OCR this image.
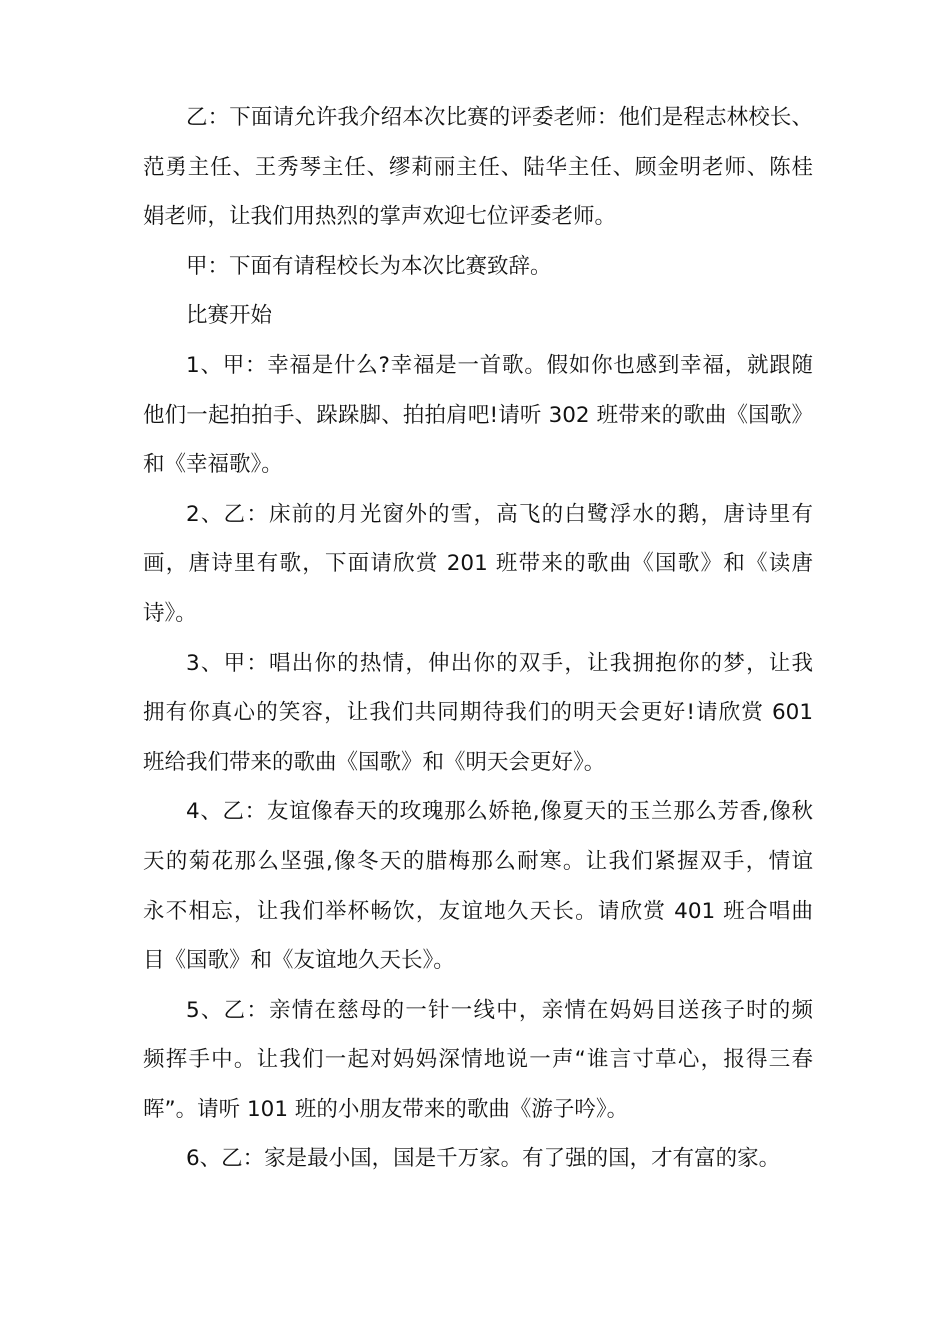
乙：下面请允许我介绍本次比赛的评委老师：他们是程志林校长、
范勇主任、王秀琴主任、缪莉丽主任、陆华主任、顾金明老师、陈桂
娟老师，让我们用热烈的掌声欢迎七位评委老师。
甲：下面有请程校长为本次比赛致辞。
比赛开始
1、甲：幸福是什么?幸福是一首歌。假如你也感到幸福，就跟随
他们一起拍拍手、跺跺脚、拍拍肩吧!请听 302 班带来的歌曲《国歌》
和《幸福歌》。
2、乙：床前的月光窗外的雪，高飞的白鹭浮水的鹅，唐诗里有
画，唐诗里有歌，下面请欣赏 201 班带来的歌曲《国歌》和《读唐
诗》。
3、甲：唱出你的热情，伸出你的双手，让我拥抱你的梦，让我
拥有你真心的笑容，让我们共同期待我们的明天会更好!请欣赏 601
班给我们带来的歌曲《国歌》和《明天会更好》。
4、乙：友谊像春天的玫瑰那么娇艳,像夏天的玉兰那么芳香,像秋
天的菊花那么坚强,像冬天的腊梅那么耐寒。让我们紧握双手，情谊
永不相忘，让我们举杯畅饮，友谊地久天长。请欣赏 401 班合唱曲
目《国歌》和《友谊地久天长》。
5、乙：亲情在慈母的一针一线中，亲情在妈妈目送孩子时的频
频挥手中。让我们一起对妈妈深情地说一声“谁言寸草心，报得三春
晖”。请听 101 班的小朋友带来的歌曲《游子吟》。
6、乙：家是最小国，国是千万家。有了强的国，才有富的家。
